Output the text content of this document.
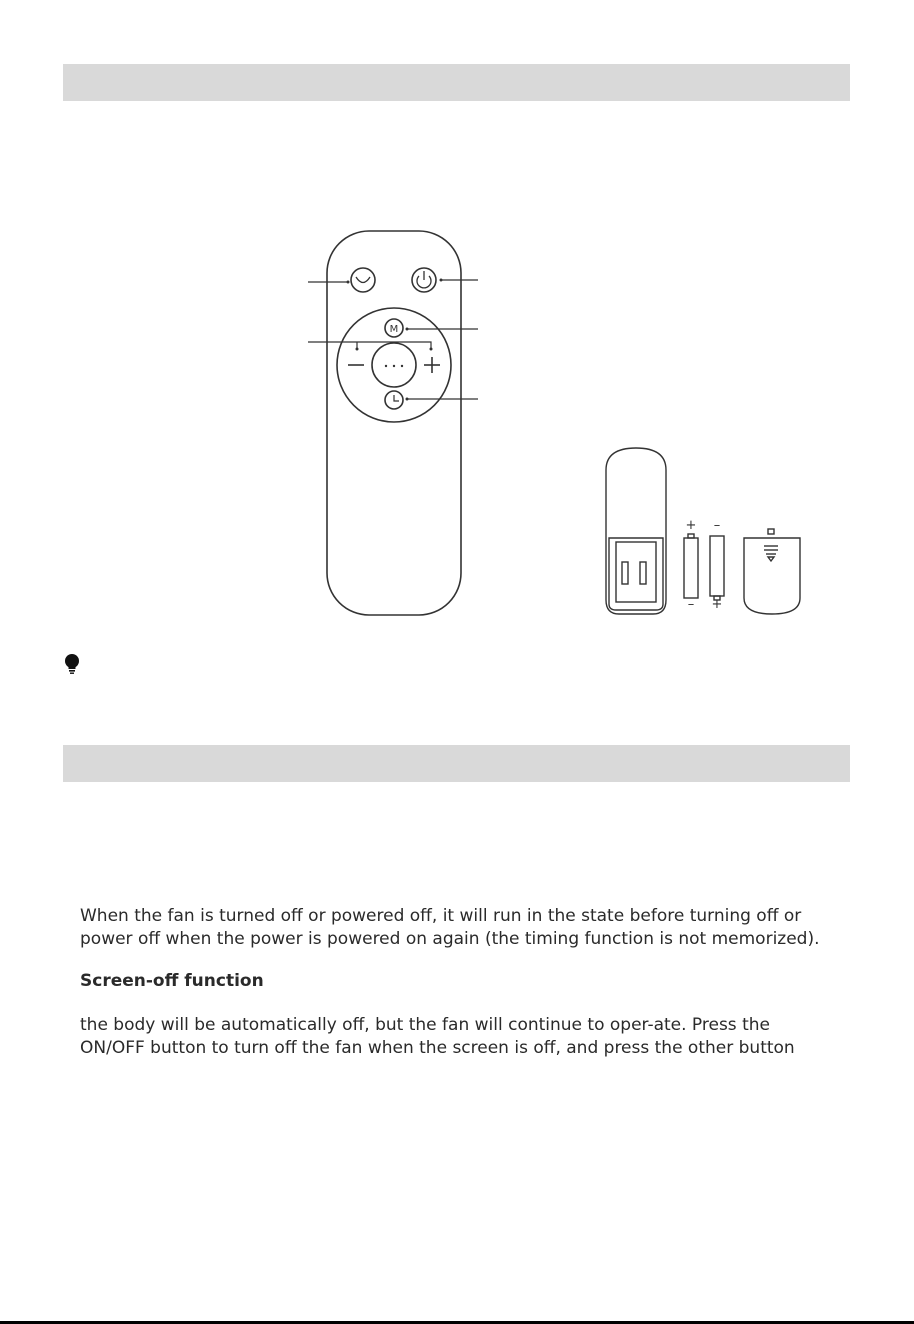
M
+
–
–
+

When the fan is turned off or powered off, it will run in the state before turning off or

power off when the power is powered on again (the timing function is not memorized).

Screen-off function

the body will be automatically off, but the fan will continue to oper-ate. Press the

ON/OFF button to turn off the fan when the screen is off, and press the other button
